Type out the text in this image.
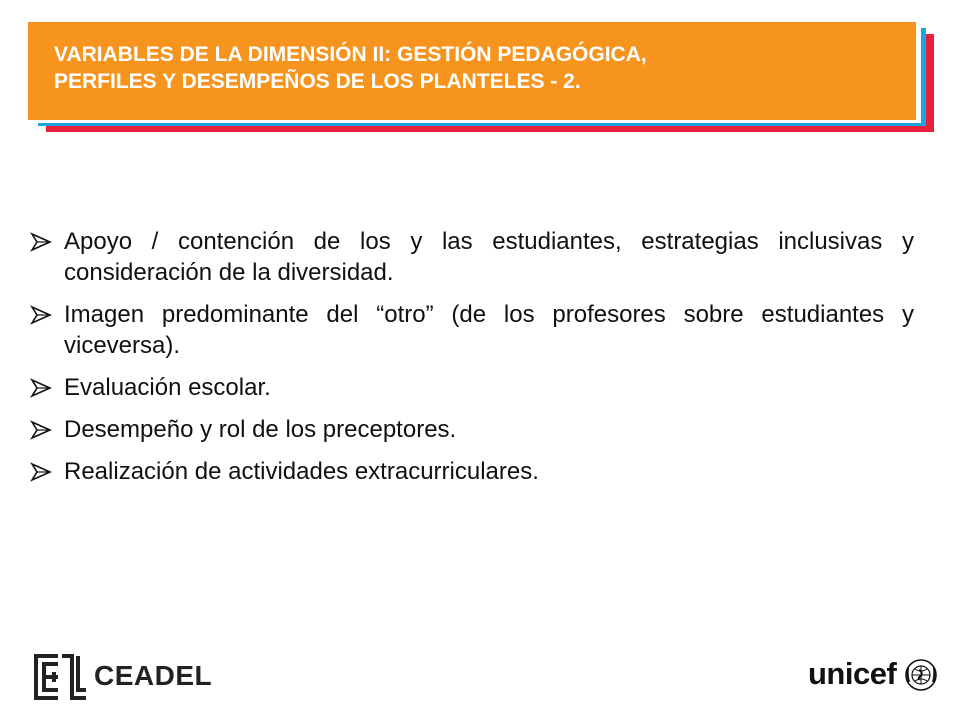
VARIABLES DE LA DIMENSIÓN II: GESTIÓN PEDAGÓGICA,
PERFILES Y DESEMPEÑOS DE LOS PLANTELES - 2.
Apoyo / contención de los y las estudiantes, estrategias inclusivas y consideración de la diversidad.
Imagen predominante del “otro” (de los profesores sobre estudiantes y viceversa).
Evaluación escolar.
Desempeño y rol de los preceptores.
Realización de actividades extracurriculares.
CEADEL	unicef
